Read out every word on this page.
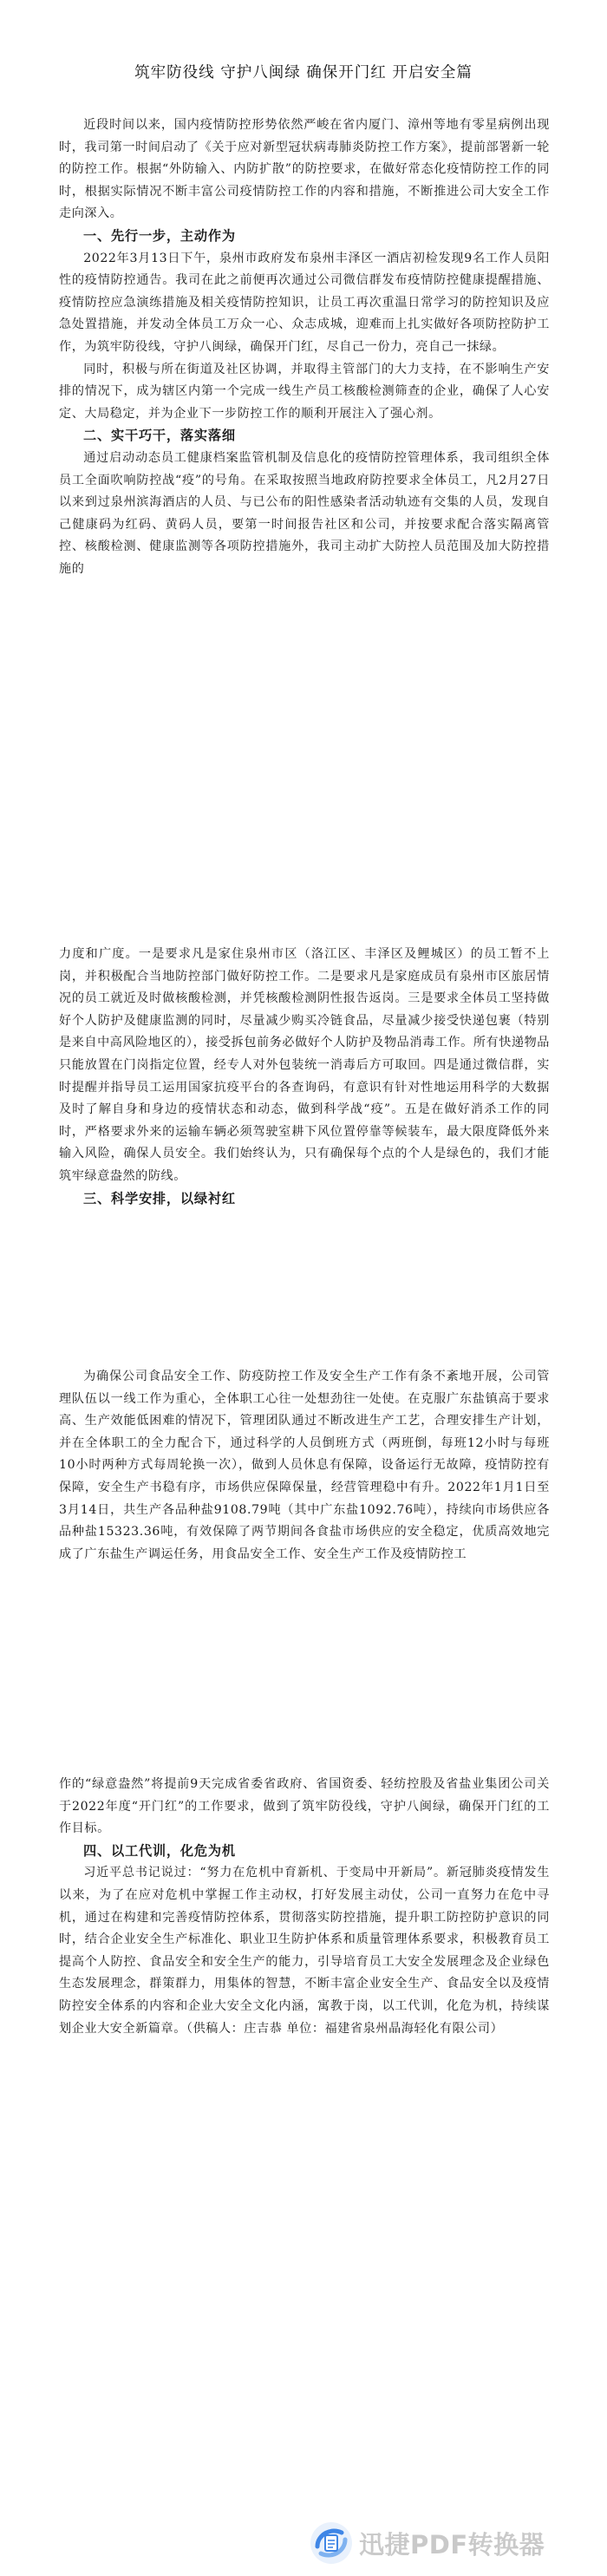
筑牢防役线 守护八闽绿 确保开门红 开启安全篇

近段时间以来，国内疫情防控形势依然严峻在省内厦门、漳州等地有零星病例出现时，我司第一时间启动了《关于应对新型冠状病毒肺炎防控工作方案》，提前部署新一轮的防控工作。根据“外防输入、内防扩散”的防控要求，在做好常态化疫情防控工作的同时，根据实际情况不断丰富公司疫情防控工作的内容和措施，不断推进公司大安全工作走向深入。

一、先行一步，主动作为

2022年3月13日下午，泉州市政府发布泉州丰泽区一酒店初检发现9名工作人员阳性的疫情防控通告。我司在此之前便再次通过公司微信群发布疫情防控健康提醒措施、疫情防控应急演练措施及相关疫情防控知识，让员工再次重温日常学习的防控知识及应急处置措施，并发动全体员工万众一心、众志成城，迎难而上扎实做好各项防控防护工作，为筑牢防役线，守护八闽绿，确保开门红，尽自己一份力，亮自己一抹绿。

同时，积极与所在街道及社区协调，并取得主管部门的大力支持，在不影响生产安排的情况下，成为辖区内第一个完成一线生产员工核酸检测筛查的企业，确保了人心安定、大局稳定，并为企业下一步防控工作的顺利开展注入了强心剂。

二、实干巧干，落实落细

通过启动动态员工健康档案监管机制及信息化的疫情防控管理体系，我司组织全体员工全面吹响防控战“疫”的号角。在采取按照当地政府防控要求全体员工，凡2月27日以来到过泉州滨海酒店的人员、与已公布的阳性感染者活动轨迹有交集的人员，发现自己健康码为红码、黄码人员，要第一时间报告社区和公司，并按要求配合落实隔离管控、核酸检测、健康监测等各项防控措施外，我司主动扩大防控人员范围及加大防控措施的

力度和广度。一是要求凡是家住泉州市区（洛江区、丰泽区及鲤城区）的员工暂不上岗，并积极配合当地防控部门做好防控工作。二是要求凡是家庭成员有泉州市区旅居情况的员工就近及时做核酸检测，并凭核酸检测阴性报告返岗。三是要求全体员工坚持做好个人防护及健康监测的同时，尽量减少购买冷链食品，尽量减少接受快递包裹（特别是来自中高风险地区的），接受拆包前务必做好个人防护及物品消毒工作。所有快递物品只能放置在门岗指定位置，经专人对外包装统一消毒后方可取回。四是通过微信群，实时提醒并指导员工运用国家抗疫平台的各查询码，有意识有针对性地运用科学的大数据及时了解自身和身边的疫情状态和动态，做到科学战“疫”。五是在做好消杀工作的同时，严格要求外来的运输车辆必须驾驶室耕下风位置停靠等候装车，最大限度降低外来输入风险，确保人员安全。我们始终认为，只有确保每个点的个人是绿色的，我们才能筑牢绿意盎然的防线。

三、科学安排，以绿衬红

为确保公司食品安全工作、防疫防控工作及安全生产工作有条不紊地开展，公司管理队伍以一线工作为重心，全体职工心往一处想劲往一处使。在克服广东盐镇高于要求高、生产效能低困难的情况下，管理团队通过不断改进生产工艺，合理安排生产计划，并在全体职工的全力配合下，通过科学的人员倒班方式（两班倒，每班12小时与每班10小时两种方式每周轮换一次），做到人员休息有保障，设备运行无故障，疫情防控有保障，安全生产书稳有序，市场供应保障保量，经营管理稳中有升。2022年1月1日至3月14日，共生产各品种盐9108.79吨（其中广东盐1092.76吨），持续向市场供应各品种盐15323.36吨，有效保障了两节期间各食盐市场供应的安全稳定，优质高效地完成了广东盐生产调运任务，用食品安全工作、安全生产工作及疫情防控工

作的“绿意盎然”将提前9天完成省委省政府、省国资委、轻纺控股及省盐业集团公司关于2022年度“开门红”的工作要求，做到了筑牢防役线，守护八闽绿，确保开门红的工作目标。

四、以工代训，化危为机

习近平总书记说过：“努力在危机中育新机、于变局中开新局”。新冠肺炎疫情发生以来，为了在应对危机中掌握工作主动权，打好发展主动仗，公司一直努力在危中寻机，通过在构建和完善疫情防控体系，贯彻落实防控措施，提升职工防控防护意识的同时，结合企业安全生产标准化、职业卫生防护体系和质量管理体系要求，积极教育员工提高个人防控、食品安全和安全生产的能力，引导培育员工大安全发展理念及企业绿色生态发展理念，群策群力，用集体的智慧，不断丰富企业安全生产、食品安全以及疫情防控安全体系的内容和企业大安全文化内涵，寓教于岗，以工代训，化危为机，持续谋划企业大安全新篇章。（供稿人：庄吉恭 单位：福建省泉州晶海轻化有限公司）

迅捷PDF转换器
